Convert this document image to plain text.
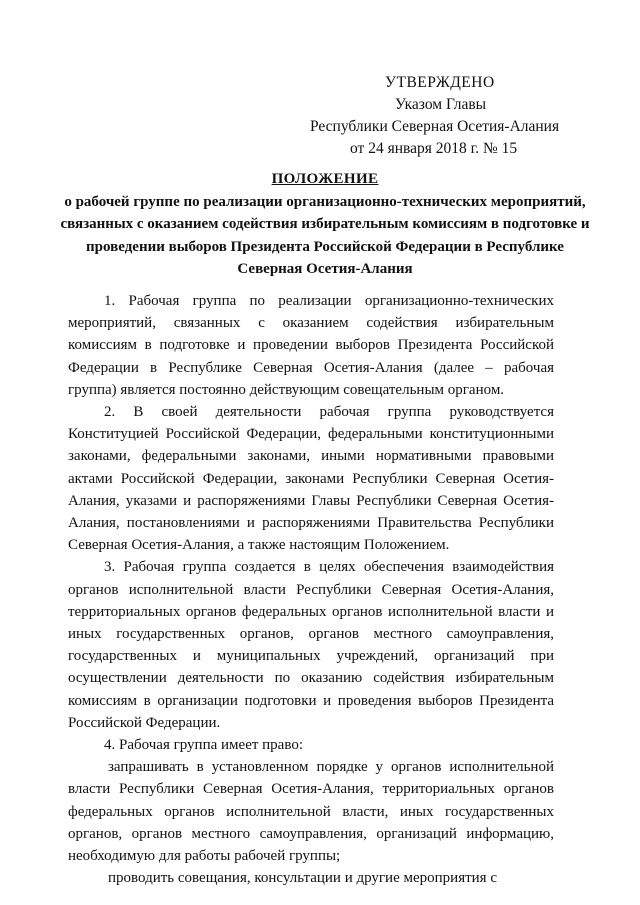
УТВЕРЖДЕНО
Указом Главы
Республики Северная Осетия-Алания
от 24 января 2018 г. № 15
ПОЛОЖЕНИЕ
о рабочей группе по реализации организационно-технических мероприятий, связанных с оказанием содействия избирательным комиссиям в подготовке и проведении выборов Президента Российской Федерации в Республике Северная Осетия-Алания

1. Рабочая группа по реализации организационно-технических мероприятий, связанных с оказанием содействия избирательным комиссиям в подготовке и проведении выборов Президента Российской Федерации в Республике Северная Осетия-Алания (далее – рабочая группа) является постоянно действующим совещательным органом.

2. В своей деятельности рабочая группа руководствуется Конституцией Российской Федерации, федеральными конституционными законами, федеральными законами, иными нормативными правовыми актами Российской Федерации, законами Республики Северная Осетия-Алания, указами и распоряжениями Главы Республики Северная Осетия-Алания, постановлениями и распоряжениями Правительства Республики Северная Осетия-Алания, а также настоящим Положением.

3. Рабочая группа создается в целях обеспечения взаимодействия органов исполнительной власти Республики Северная Осетия-Алания, территориальных органов федеральных органов исполнительной власти и иных государственных органов, органов местного самоуправления, государственных и муниципальных учреждений, организаций при осуществлении деятельности по оказанию содействия избирательным комиссиям в организации подготовки и проведения выборов Президента Российской Федерации.

4. Рабочая группа имеет право:

запрашивать в установленном порядке у органов исполнительной власти Республики Северная Осетия-Алания, территориальных органов федеральных органов исполнительной власти, иных государственных органов, органов местного самоуправления, организаций информацию, необходимую для работы рабочей группы;

проводить совещания, консультации и другие мероприятия с
